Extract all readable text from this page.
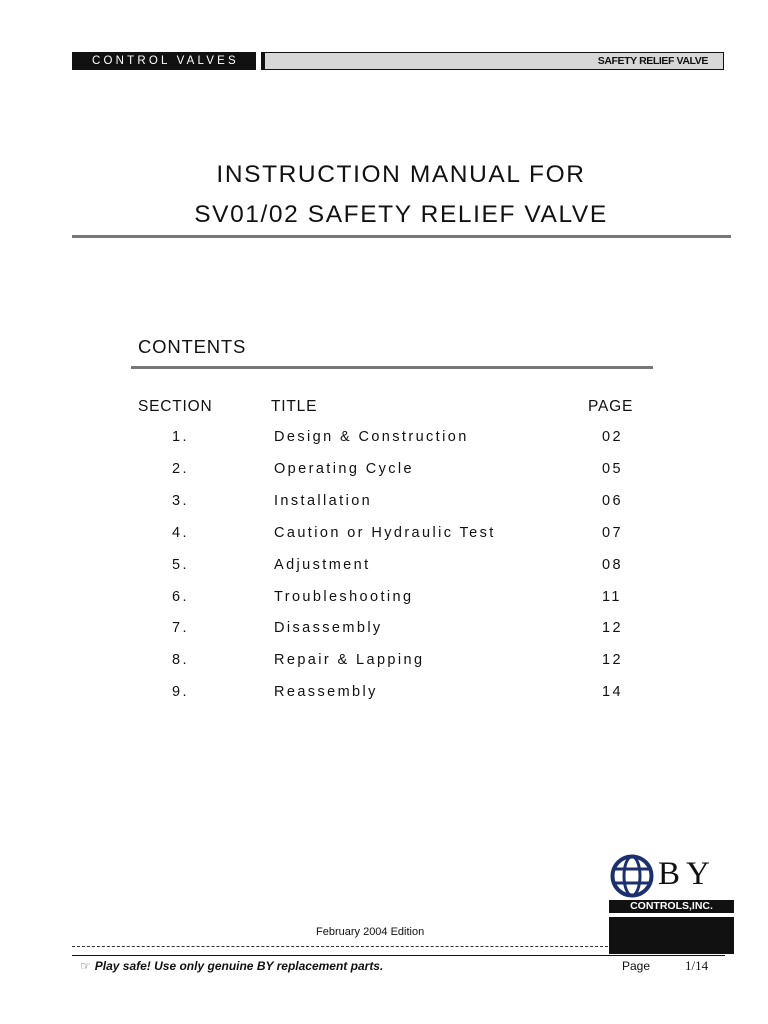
CONTROL VALVES	SAFETY RELIEF VALVE
INSTRUCTION MANUAL FOR
SV01/02 SAFETY RELIEF VALVE
CONTENTS
SECTION	TITLE	PAGE
1.	Design & Construction	02
2.	Operating Cycle	05
3.	Installation	06
4.	Caution or Hydraulic Test	07
5.	Adjustment	08
6.	Troubleshooting	11
7.	Disassembly	12
8.	Repair & Lapping	12
9.	Reassembly	14
BY
CONTROLS,INC.
February 2004 Edition
☞ Play safe! Use only genuine BY replacement parts.	Page	1/14
